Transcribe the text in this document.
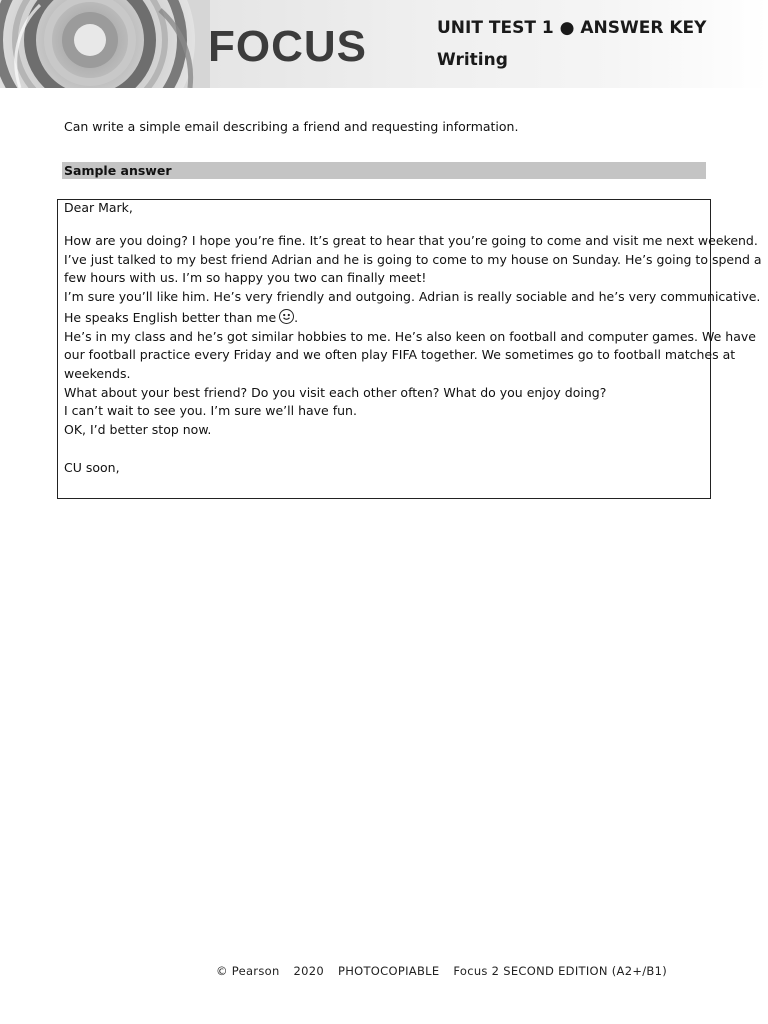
FOCUS	UNIT TEST 1 ● ANSWER KEY
Writing
Can write a simple email describing a friend and requesting information.
Sample answer
Dear Mark,
How are you doing? I hope you’re fine. It’s great to hear that you’re going to come and visit me next weekend.
I’ve just talked to my best friend Adrian and he is going to come to my house on Sunday. He’s going to spend a
few hours with us. I’m so happy you two can finally meet!
I’m sure you’ll like him. He’s very friendly and outgoing. Adrian is really sociable and he’s very communicative.
He speaks English better than me .
He’s in my class and he’s got similar hobbies to me. He’s also keen on football and computer games. We have
our football practice every Friday and we often play FIFA together. We sometimes go to football matches at
weekends.
What about your best friend? Do you visit each other often? What do you enjoy doing?
I can’t wait to see you. I’m sure we’ll have fun.
OK, I’d better stop now.
CU soon,
© Pearson 2020 PHOTOCOPIABLE Focus 2 SECOND EDITION (A2+/B1)
